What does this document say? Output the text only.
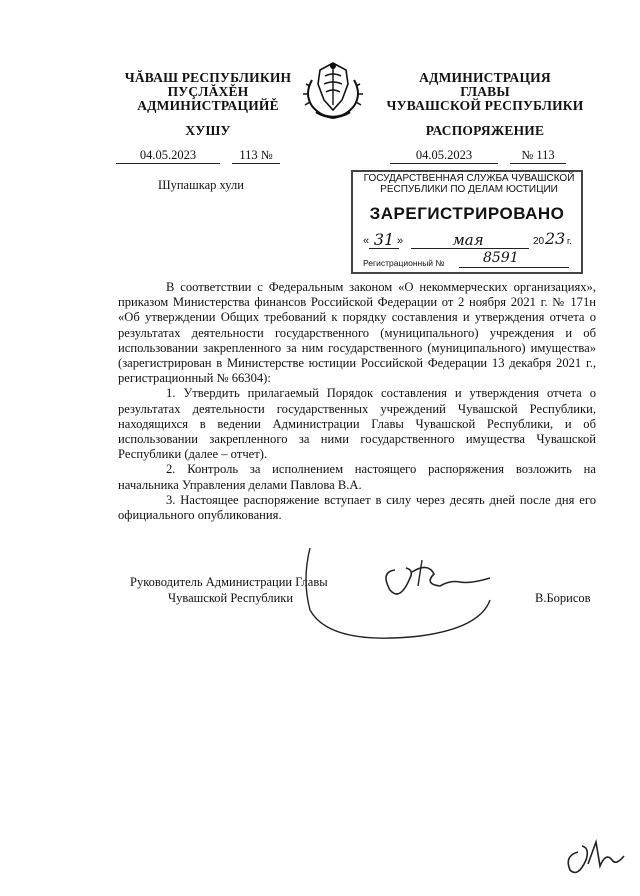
ЧĂВАШ РЕСПУБЛИКИН
ПУÇЛĂХĚН
АДМИНИСТРАЦИЙĚ
ХУШУ
АДМИНИСТРАЦИЯ
ГЛАВЫ
ЧУВАШСКОЙ РЕСПУБЛИКИ
РАСПОРЯЖЕНИЕ
04.05.2023	113 №	04.05.2023	№ 113
Шупашкар хули	ГОСУДАРСТВЕННАЯ СЛУЖБА ЧУВАШСКОЙ РЕСПУБЛИКИ ПО ДЕЛАМ ЮСТИЦИИ
ЗАРЕГИСТРИРОВАНО
« 31 »	мая	20 23 г.
Регистрационный №	8591
В соответствии с Федеральным законом «О некоммерческих организациях», приказом Министерства финансов Российской Федерации от 2 ноября 2021 г. № 171н «Об утверждении Общих требований к порядку составления и утверждения отчета о результатах деятельности государственного (муниципального) учреждения и об использовании закрепленного за ним государственного (муниципального) имущества» (зарегистрирован в Министерстве юстиции Российской Федерации 13 декабря 2021 г., регистрационный № 66304):
1. Утвердить прилагаемый Порядок составления и утверждения отчета о результатах деятельности государственных учреждений Чувашской Республики, находящихся в ведении Администрации Главы Чувашской Республики, и об использовании закрепленного за ними государственного имущества Чувашской Республики (далее – отчет).
2. Контроль за исполнением настоящего распоряжения возложить на начальника Управления делами Павлова В.А.
3. Настоящее распоряжение вступает в силу через десять дней после дня его официального опубликования.
Руководитель Администрации Главы
Чувашской Республики	В.Борисов
